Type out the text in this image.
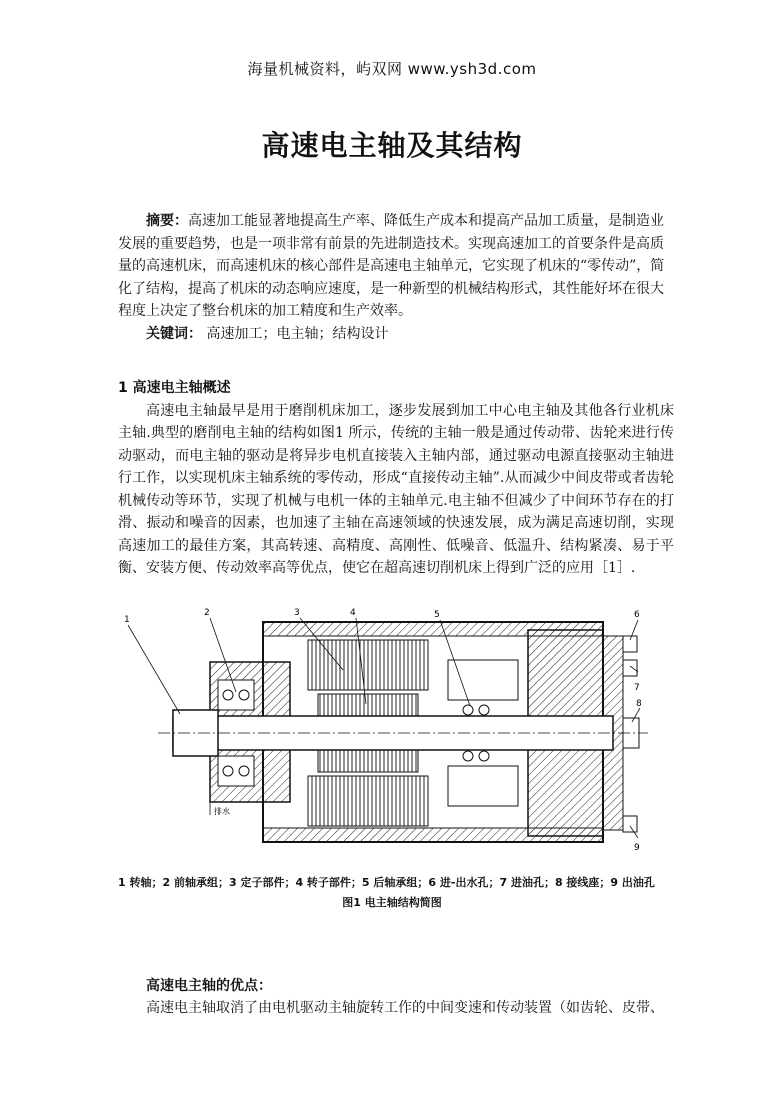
海量机械资料，屿双网 www.ysh3d.com
高速电主轴及其结构

摘要：高速加工能显著地提高生产率、降低生产成本和提高产品加工质量，是制造业发展的重要趋势，也是一项非常有前景的先进制造技术。实现高速加工的首要条件是高质量的高速机床，而高速机床的核心部件是高速电主轴单元，它实现了机床的“零传动”，简化了结构，提高了机床的动态响应速度，是一种新型的机械结构形式，其性能好坏在很大程度上决定了整台机床的加工精度和生产效率。

关键词： 高速加工；电主轴；结构设计

1 高速电主轴概述

高速电主轴最早是用于磨削机床加工，逐步发展到加工中心电主轴及其他各行业机床主轴.典型的磨削电主轴的结构如图1 所示，传统的主轴一般是通过传动带、齿轮来进行传动驱动，而电主轴的驱动是将异步电机直接装入主轴内部，通过驱动电源直接驱动主轴进行工作，以实现机床主轴系统的零传动，形成“直接传动主轴”.从而减少中间皮带或者齿轮机械传动等环节，实现了机械与电机一体的主轴单元.电主轴不但减少了中间环节存在的打滑、振动和噪音的因素，也加速了主轴在高速领域的快速发展，成为满足高速切削，实现高速加工的最佳方案，其高转速、高精度、高刚性、低噪音、低温升、结构紧凑、易于平衡、安装方便、传动效率高等优点，使它在超高速切削机床上得到广泛的应用［1］.

1
2	3	4	5	6
7
8
9
排水
1 转轴；2 前轴承组；3 定子部件；4 转子部件；5 后轴承组；6 进-出水孔；7 进油孔；8 接线座；9 出油孔
图1 电主轴结构简图
高速电主轴的优点：
高速电主轴取消了由电机驱动主轴旋转工作的中间变速和传动装置（如齿轮、皮带、
